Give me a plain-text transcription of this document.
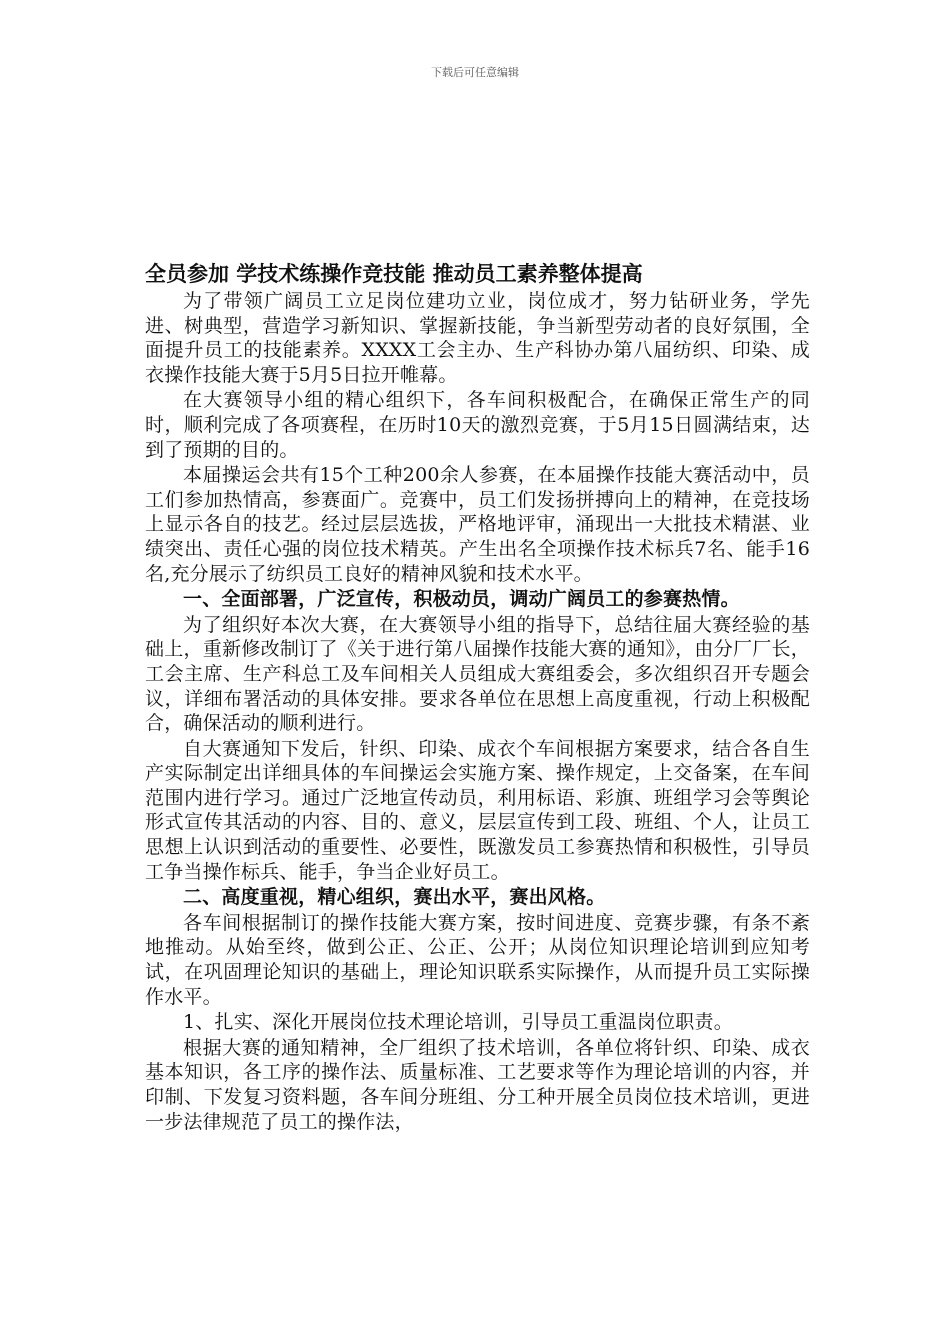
下载后可任意编辑
全员参加 学技术练操作竞技能 推动员工素养整体提高

为了带领广阔员工立足岗位建功立业，岗位成才，努力钻研业务，学先进、树典型，营造学习新知识、掌握新技能，争当新型劳动者的良好氛围，全面提升员工的技能素养。XXXX工会主办、生产科协办第八届纺织、印染、成衣操作技能大赛于5月5日拉开帷幕。

在大赛领导小组的精心组织下，各车间积极配合，在确保正常生产的同时，顺利完成了各项赛程，在历时10天的激烈竞赛，于5月15日圆满结束，达到了预期的目的。

本届操运会共有15个工种200余人参赛，在本届操作技能大赛活动中，员工们参加热情高，参赛面广。竞赛中，员工们发扬拼搏向上的精神，在竞技场上显示各自的技艺。经过层层选拔，严格地评审，涌现出一大批技术精湛、业绩突出、责任心强的岗位技术精英。产生出名全项操作技术标兵7名、能手16名,充分展示了纺织员工良好的精神风貌和技术水平。

一、全面部署，广泛宣传，积极动员，调动广阔员工的参赛热情。

为了组织好本次大赛，在大赛领导小组的指导下，总结往届大赛经验的基础上，重新修改制订了《关于进行第八届操作技能大赛的通知》，由分厂厂长，工会主席、生产科总工及车间相关人员组成大赛组委会，多次组织召开专题会议，详细布署活动的具体安排。要求各单位在思想上高度重视，行动上积极配合，确保活动的顺利进行。

自大赛通知下发后，针织、印染、成衣个车间根据方案要求，结合各自生产实际制定出详细具体的车间操运会实施方案、操作规定，上交备案，在车间范围内进行学习。通过广泛地宣传动员，利用标语、彩旗、班组学习会等舆论形式宣传其活动的内容、目的、意义，层层宣传到工段、班组、个人，让员工思想上认识到活动的重要性、必要性，既激发员工参赛热情和积极性，引导员工争当操作标兵、能手，争当企业好员工。

二、高度重视，精心组织，赛出水平，赛出风格。

各车间根据制订的操作技能大赛方案，按时间进度、竞赛步骤，有条不紊地推动。从始至终，做到公正、公正、公开；从岗位知识理论培训到应知考试，在巩固理论知识的基础上，理论知识联系实际操作，从而提升员工实际操作水平。

1、扎实、深化开展岗位技术理论培训，引导员工重温岗位职责。

根据大赛的通知精神，全厂组织了技术培训，各单位将针织、印染、成衣基本知识，各工序的操作法、质量标准、工艺要求等作为理论培训的内容，并印制、下发复习资料题，各车间分班组、分工种开展全员岗位技术培训，更进一步法律规范了员工的操作法，
